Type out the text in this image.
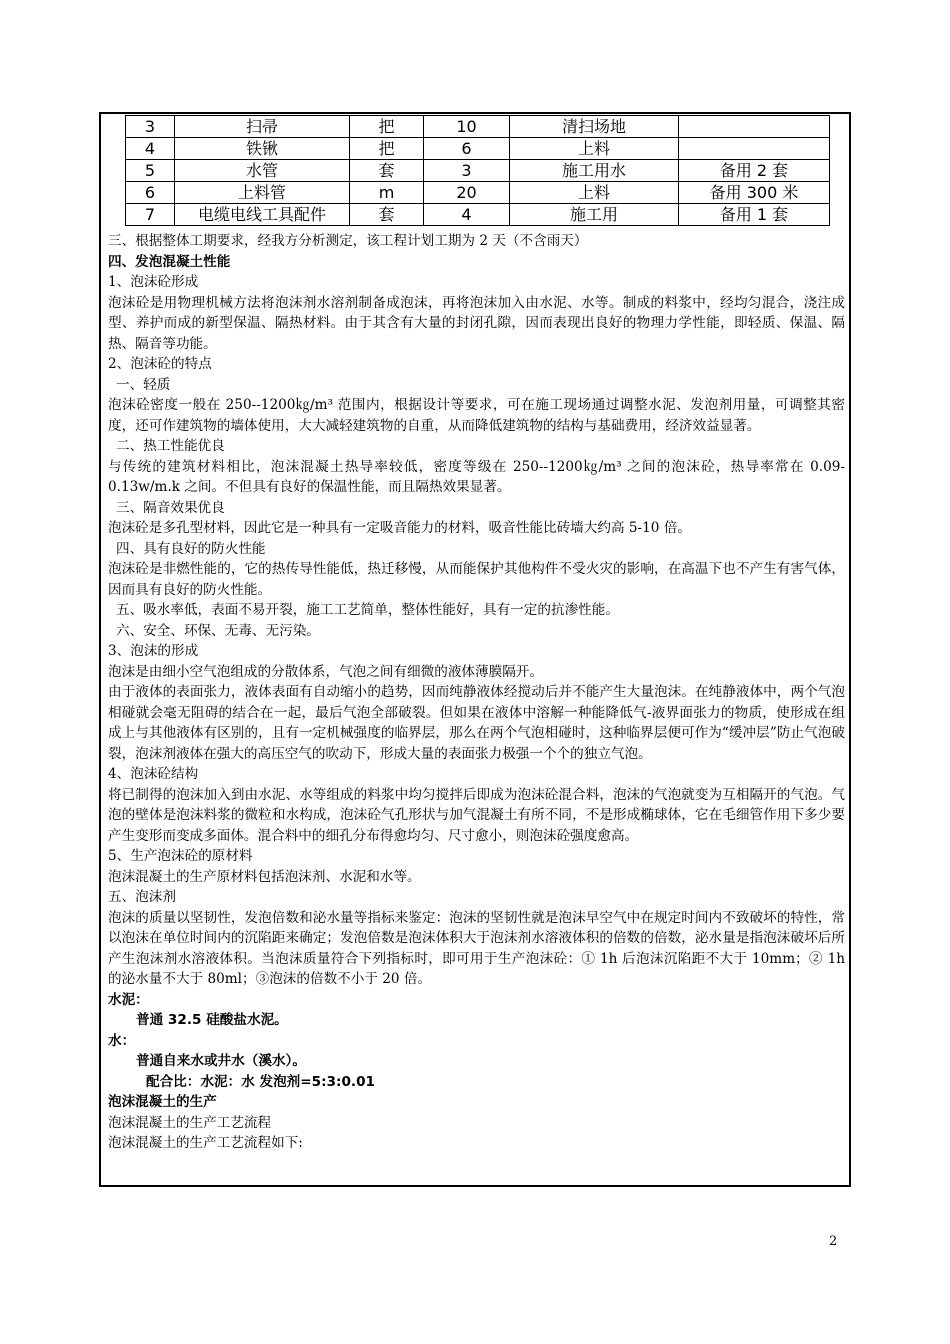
3	扫帚	把	10	清扫场地	
4	铁锹	把	6	上料	
5	水管	套	3	施工用水	备用 2 套
6	上料管	m	20	上料	备用 300 米
7	电缆电线工具配件	套	4	施工用	备用 1 套

三、根据整体工期要求，经我方分析测定，该工程计划工期为 2 天（不含雨天）

四、发泡混凝土性能

1、泡沫砼形成

泡沫砼是用物理机械方法将泡沫剂水溶剂制备成泡沫，再将泡沫加入由水泥、水等。制成的料浆中，经均匀混合，浇注成型、养护而成的新型保温、隔热材料。由于其含有大量的封闭孔隙，因而表现出良好的物理力学性能，即轻质、保温、隔热、隔音等功能。

2、泡沫砼的特点

一、轻质

泡沫砼密度一般在 250--1200㎏/m³ 范围内，根据设计等要求，可在施工现场通过调整水泥、发泡剂用量，可调整其密度，还可作建筑物的墙体使用，大大减轻建筑物的自重，从而降低建筑物的结构与基础费用，经济效益显著。

二、热工性能优良

与传统的建筑材料相比，泡沫混凝土热导率较低，密度等级在 250--1200㎏/m³ 之间的泡沫砼，热导率常在 0.09-0.13w/m.k 之间。不但具有良好的保温性能，而且隔热效果显著。

三、隔音效果优良

泡沫砼是多孔型材料，因此它是一种具有一定吸音能力的材料，吸音性能比砖墙大约高 5-10 倍。

四、具有良好的防火性能

泡沫砼是非燃性能的，它的热传导性能低，热迁移慢，从而能保护其他构件不受火灾的影响，在高温下也不产生有害气体，因而具有良好的防火性能。

五、吸水率低，表面不易开裂，施工工艺简单，整体性能好，具有一定的抗渗性能。

六、安全、环保、无毒、无污染。

3、泡沫的形成

泡沫是由细小空气泡组成的分散体系，气泡之间有细微的液体薄膜隔开。

由于液体的表面张力，液体表面有自动缩小的趋势，因而纯静液体经搅动后并不能产生大量泡沫。在纯静液体中，两个气泡相碰就会毫无阻碍的结合在一起，最后气泡全部破裂。但如果在液体中溶解一种能降低气-液界面张力的物质，使形成在组成上与其他液体有区别的，且有一定机械强度的临界层，那么在两个气泡相碰时，这种临界层便可作为“缓冲层”防止气泡破裂，泡沫剂液体在强大的高压空气的吹动下，形成大量的表面张力极强一个个的独立气泡。

4、泡沫砼结构

将已制得的泡沫加入到由水泥、水等组成的料浆中均匀搅拌后即成为泡沫砼混合料，泡沫的气泡就变为互相隔开的气泡。气泡的壁体是泡沫料浆的微粒和水构成，泡沫砼气孔形状与加气混凝土有所不同，不是形成椭球体，它在毛细管作用下多少要产生变形而变成多面体。混合料中的细孔分布得愈均匀、尺寸愈小，则泡沫砼强度愈高。

5、生产泡沫砼的原材料

泡沫混凝土的生产原材料包括泡沫剂、水泥和水等。

五、泡沫剂

泡沫的质量以坚韧性，发泡倍数和泌水量等指标来鉴定：泡沫的坚韧性就是泡沫早空气中在规定时间内不致破坏的特性，常以泡沫在单位时间内的沉陷距来确定；发泡倍数是泡沫体积大于泡沫剂水溶液体积的倍数的倍数，泌水量是指泡沫破坏后所产生泡沫剂水溶液体积。当泡沫质量符合下列指标时，即可用于生产泡沫砼：① 1h 后泡沫沉陷距不大于 10mm；② 1h 的泌水量不大于 80ml；③泡沫的倍数不小于 20 倍。

水泥：

普通 32.5 硅酸盐水泥。

水：

普通自来水或井水（溪水）。

配合比：水泥：水 发泡剂=5:3:0.01

泡沫混凝土的生产

泡沫混凝土的生产工艺流程

泡沫混凝土的生产工艺流程如下:

2
